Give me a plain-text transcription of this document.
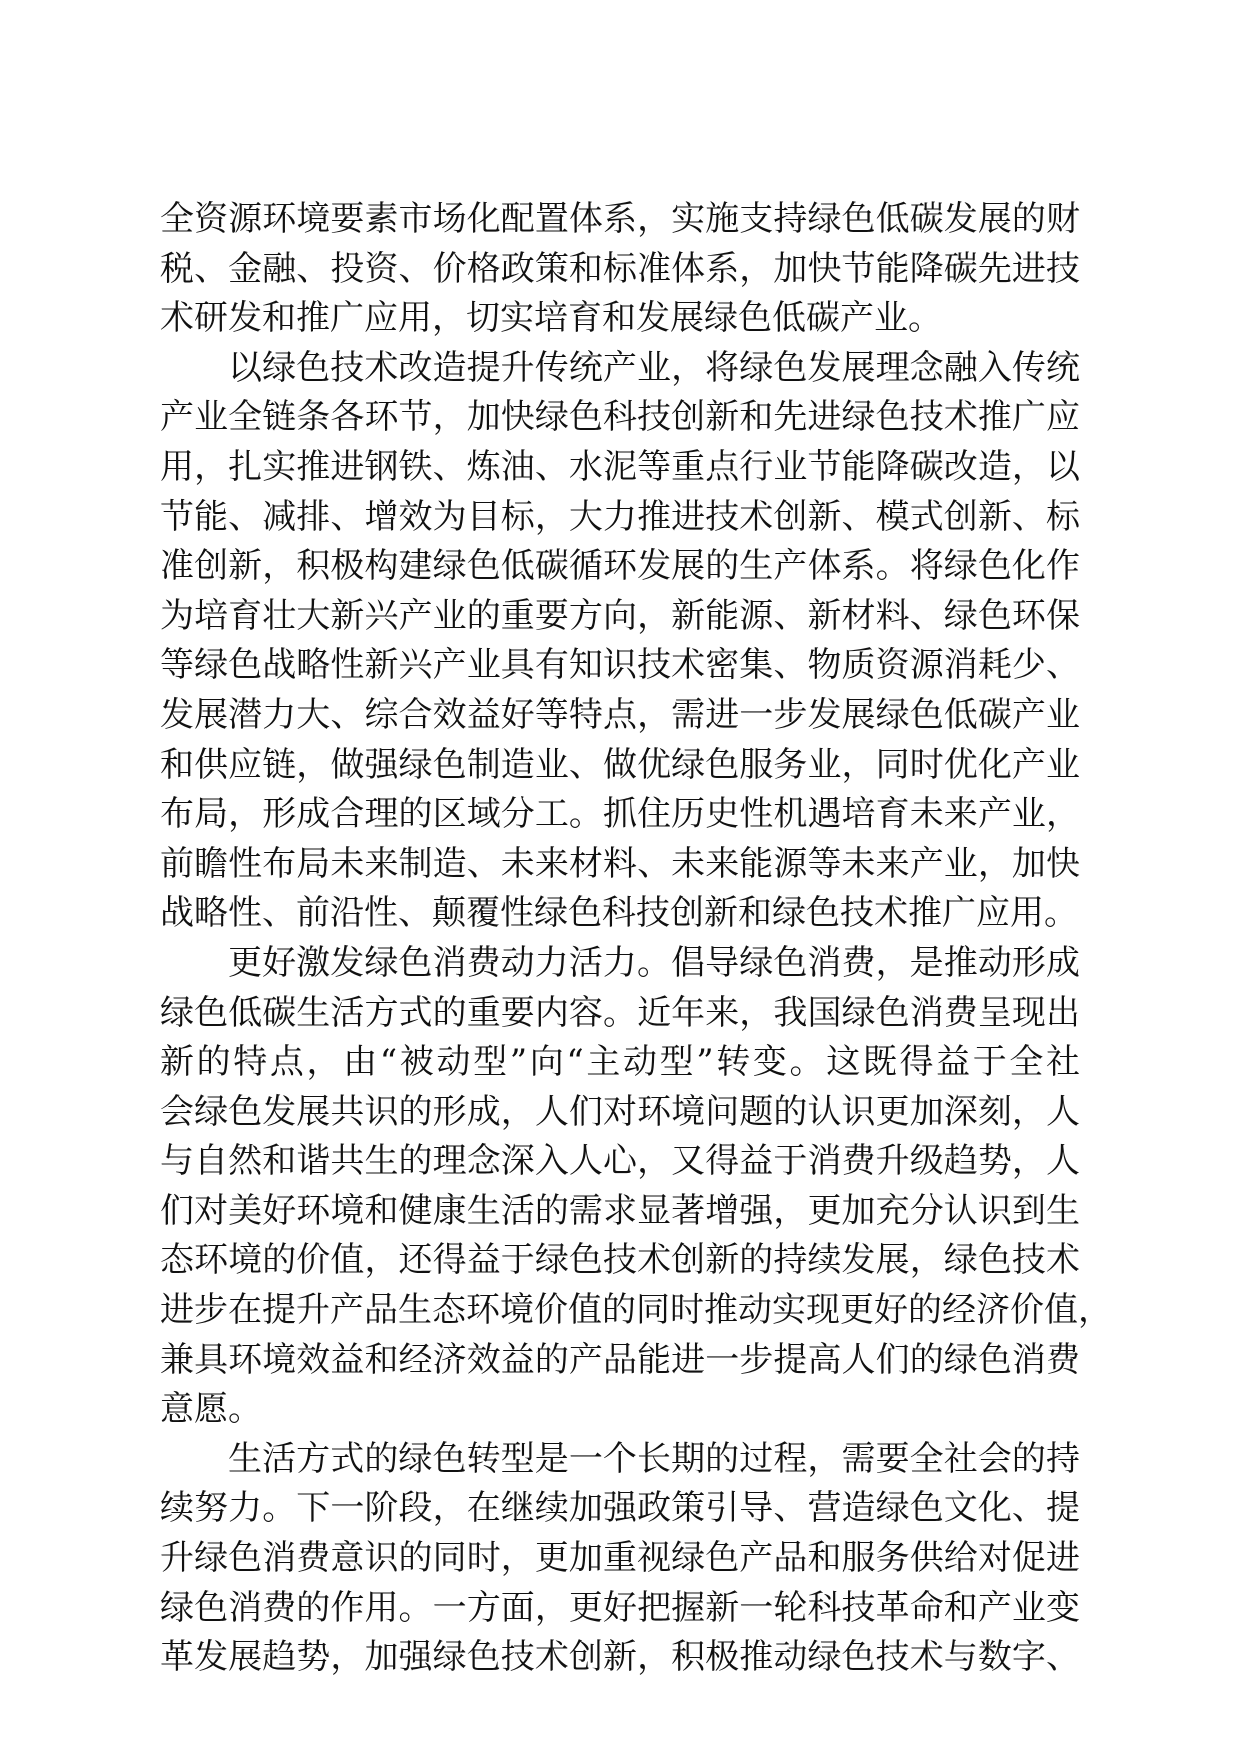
全资源环境要素市场化配置体系，实施支持绿色低碳发展的财
税、金融、投资、价格政策和标准体系，加快节能降碳先进技
术研发和推广应用，切实培育和发展绿色低碳产业。
以绿色技术改造提升传统产业，将绿色发展理念融入传统
产业全链条各环节，加快绿色科技创新和先进绿色技术推广应
用，扎实推进钢铁、炼油、水泥等重点行业节能降碳改造，以
节能、减排、增效为目标，大力推进技术创新、模式创新、标
准创新，积极构建绿色低碳循环发展的生产体系。将绿色化作
为培育壮大新兴产业的重要方向，新能源、新材料、绿色环保
等绿色战略性新兴产业具有知识技术密集、物质资源消耗少、
发展潜力大、综合效益好等特点，需进一步发展绿色低碳产业
和供应链，做强绿色制造业、做优绿色服务业，同时优化产业
布局，形成合理的区域分工。抓住历史性机遇培育未来产业，
前瞻性布局未来制造、未来材料、未来能源等未来产业，加快
战略性、前沿性、颠覆性绿色科技创新和绿色技术推广应用。
更好激发绿色消费动力活力。倡导绿色消费，是推动形成
绿色低碳生活方式的重要内容。近年来，我国绿色消费呈现出
新的特点，由“被动型”向“主动型”转变。这既得益于全社
会绿色发展共识的形成，人们对环境问题的认识更加深刻，人
与自然和谐共生的理念深入人心，又得益于消费升级趋势，人
们对美好环境和健康生活的需求显著增强，更加充分认识到生
态环境的价值，还得益于绿色技术创新的持续发展，绿色技术
进步在提升产品生态环境价值的同时推动实现更好的经济价值，
兼具环境效益和经济效益的产品能进一步提高人们的绿色消费
意愿。
生活方式的绿色转型是一个长期的过程，需要全社会的持
续努力。下一阶段，在继续加强政策引导、营造绿色文化、提
升绿色消费意识的同时，更加重视绿色产品和服务供给对促进
绿色消费的作用。一方面，更好把握新一轮科技革命和产业变
革发展趋势，加强绿色技术创新，积极推动绿色技术与数字、
